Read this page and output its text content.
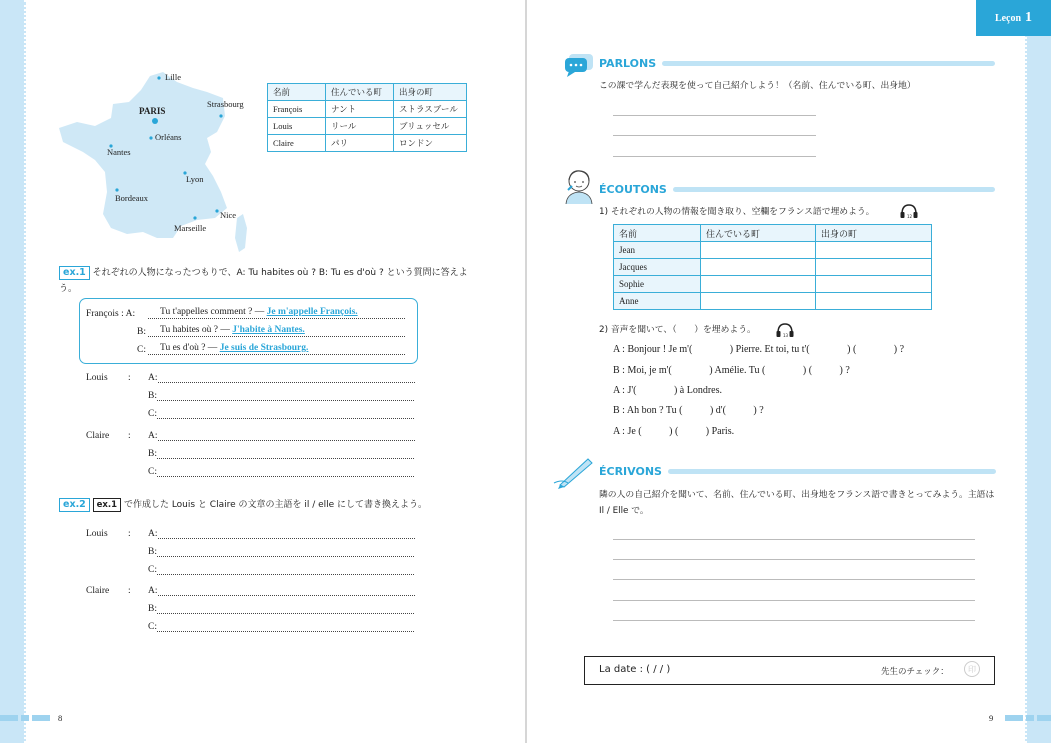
Lille
PARIS
Strasbourg
Orléans
Nantes
Lyon
Bordeaux
Nice
Marseille
名前	住んでいる町	出身の町
François	ナント	ストラスブール
Louis	リール	ブリュッセル
Claire	パリ	ロンドン
ex.1 それぞれの人物になったつもりで、A: Tu habites où ? B: Tu es d'où ? という質問に答えよう。
François : A:	Tu t'appelles comment ? — Je m'appelle François.
B:	Tu habites où ? — J'habite à Nantes.
C:	Tu es d'où ? — Je suis de Strasbourg.
Louis	:	A:
B:
C:
Claire	:	A:
B:
C:
ex.2 ex.1 で作成した Louis と Claire の文章の主語を il / elle にして書き換えよう。
Louis	:	A:
B:
C:
Claire	:	A:
B:
C:
8
Leçon 1
PARLONS
この課で学んだ表現を使って自己紹介しよう！（名前、住んでいる町、出身地）
ÉCOUTONS
1) それぞれの人物の情報を聞き取り、空欄をフランス語で埋めよう。	12
名前	住んでいる町	出身の町
Jean		
Jacques		
Sophie		
Anne		
2) 音声を聞いて、（　　）を埋めよう。
13
A : Bonjour ! Je m'(               ) Pierre. Et toi, tu t'(               ) (               ) ?
B : Moi, je m'(               ) Amélie. Tu (               ) (           ) ?
A : J'(               ) à Londres.
B : Ah bon ? Tu (           ) d'(           ) ?
A : Je (           ) (           ) Paris.
ÉCRIVONS
隣の人の自己紹介を聞いて、名前、住んでいる町、出身地をフランス語で書きとってみよう。主語は Il / Elle で。
La date : ( / / )	先生のチェック：	印
9
